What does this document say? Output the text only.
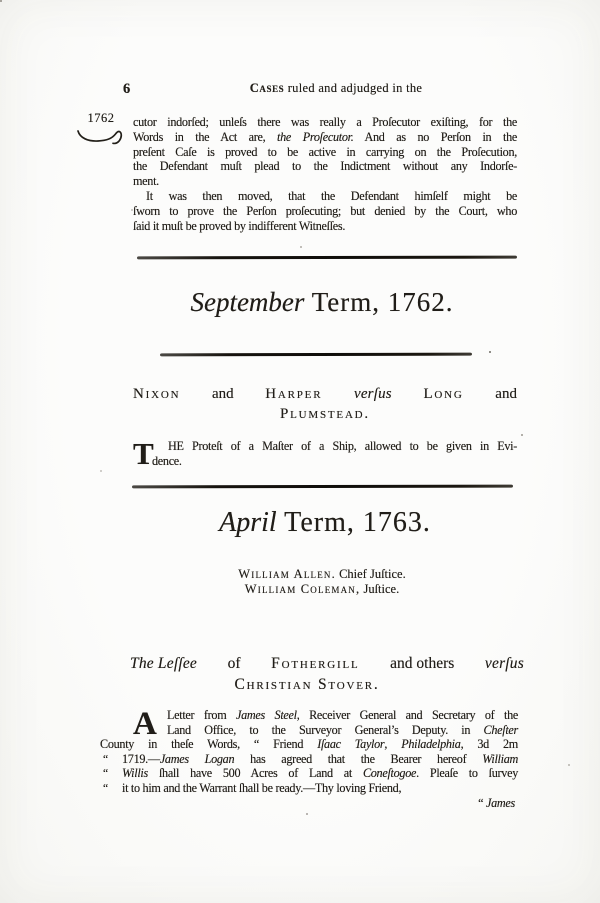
6	Cases ruled and adjudged in the
1762	cutor indorſed; unleſs there was really a Proſecutor exiſting, for the
Words in the Act are, the Proſecutor. And as no Perſon in the
preſent Caſe is proved to be active in carrying on the Proſecution,
the Defendant muſt plead to the Indictment without any Indorſe-
ment.
It was then moved, that the Defendant himſelf might be
ſworn to prove the Perſon proſecuting; but denied by the Court, who
ſaid it muſt be proved by indifferent Witneſſes.
September Term, 1762.
Nixon and Harper verſus Long and
Plumstead.
T	HE Proteſt of a Maſter of a Ship, allowed to be given in Evi-
dence.
April Term, 1763.
William Allen. Chief Juſtice.
William Coleman, Juſtice.
The Leſſee of Fothergill and others verſus
Christian Stover.
A Letter from James Steel, Receiver General and Secretary of the
Land Office, to the Surveyor General’s Deputy. in Cheſter
County in theſe Words, “ Friend Iſaac Taylor, Philadelphia, 3d 2m
“ 1719.—James Logan has agreed that the Bearer hereof William
“ Willis ſhall have 500 Acres of Land at Coneſtogoe. Pleaſe to ſurvey
“ it to him and the Warrant ſhall be ready.—Thy loving Friend,
“ James
